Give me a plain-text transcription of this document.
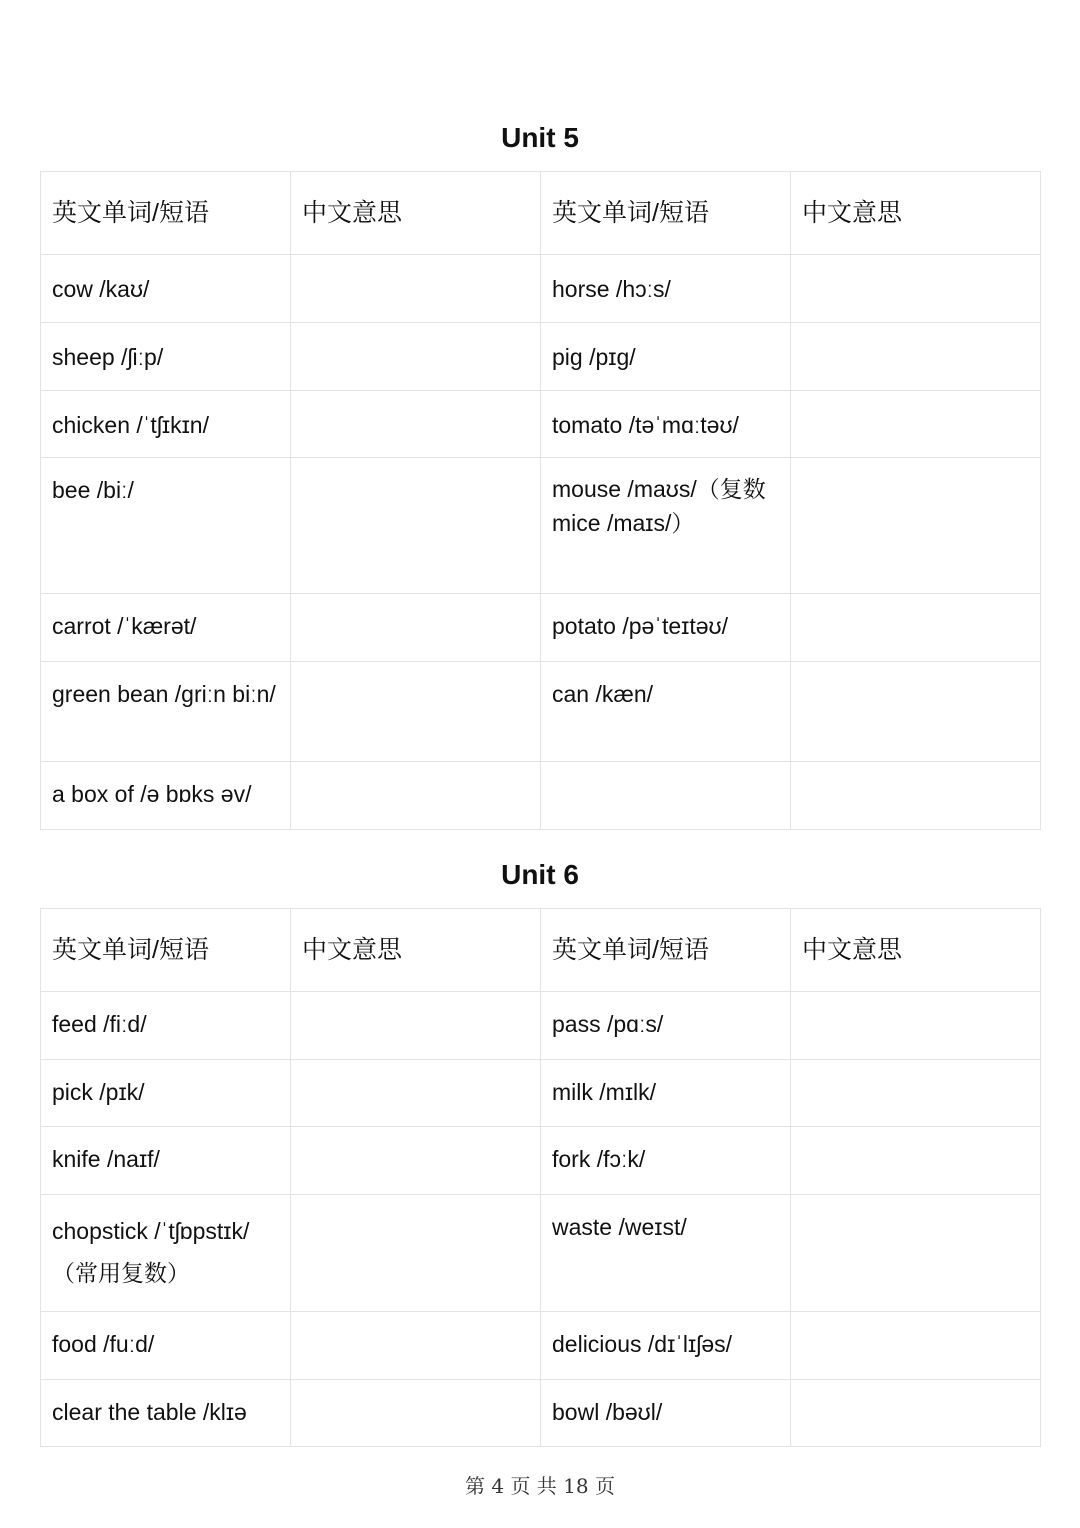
Unit 5
英文单词/短语	中文意思	英文单词/短语	中文意思
cow /kaʊ/		horse /hɔːs/	
sheep /ʃiːp/		pig /pɪɡ/	
chicken /ˈtʃɪkɪn/		tomato /təˈmɑːtəʊ/	
bee /biː/		mouse /maʊs/（复数 mice /maɪs/）	
carrot /ˈkærət/		potato /pəˈteɪtəʊ/	
green bean /ɡriːn biːn/		can /kæn/	
a box of /ə bɒks əv/			
Unit 6
英文单词/短语	中文意思	英文单词/短语	中文意思
feed /fiːd/		pass /pɑːs/	
pick /pɪk/		milk /mɪlk/	
knife /naɪf/		fork /fɔːk/	
chopstick /ˈtʃɒpstɪk/（常用复数）		waste /weɪst/	
food /fuːd/		delicious /dɪˈlɪʃəs/	
clear the table /klɪə		bowl /bəʊl/	
第 4 页 共 18 页
